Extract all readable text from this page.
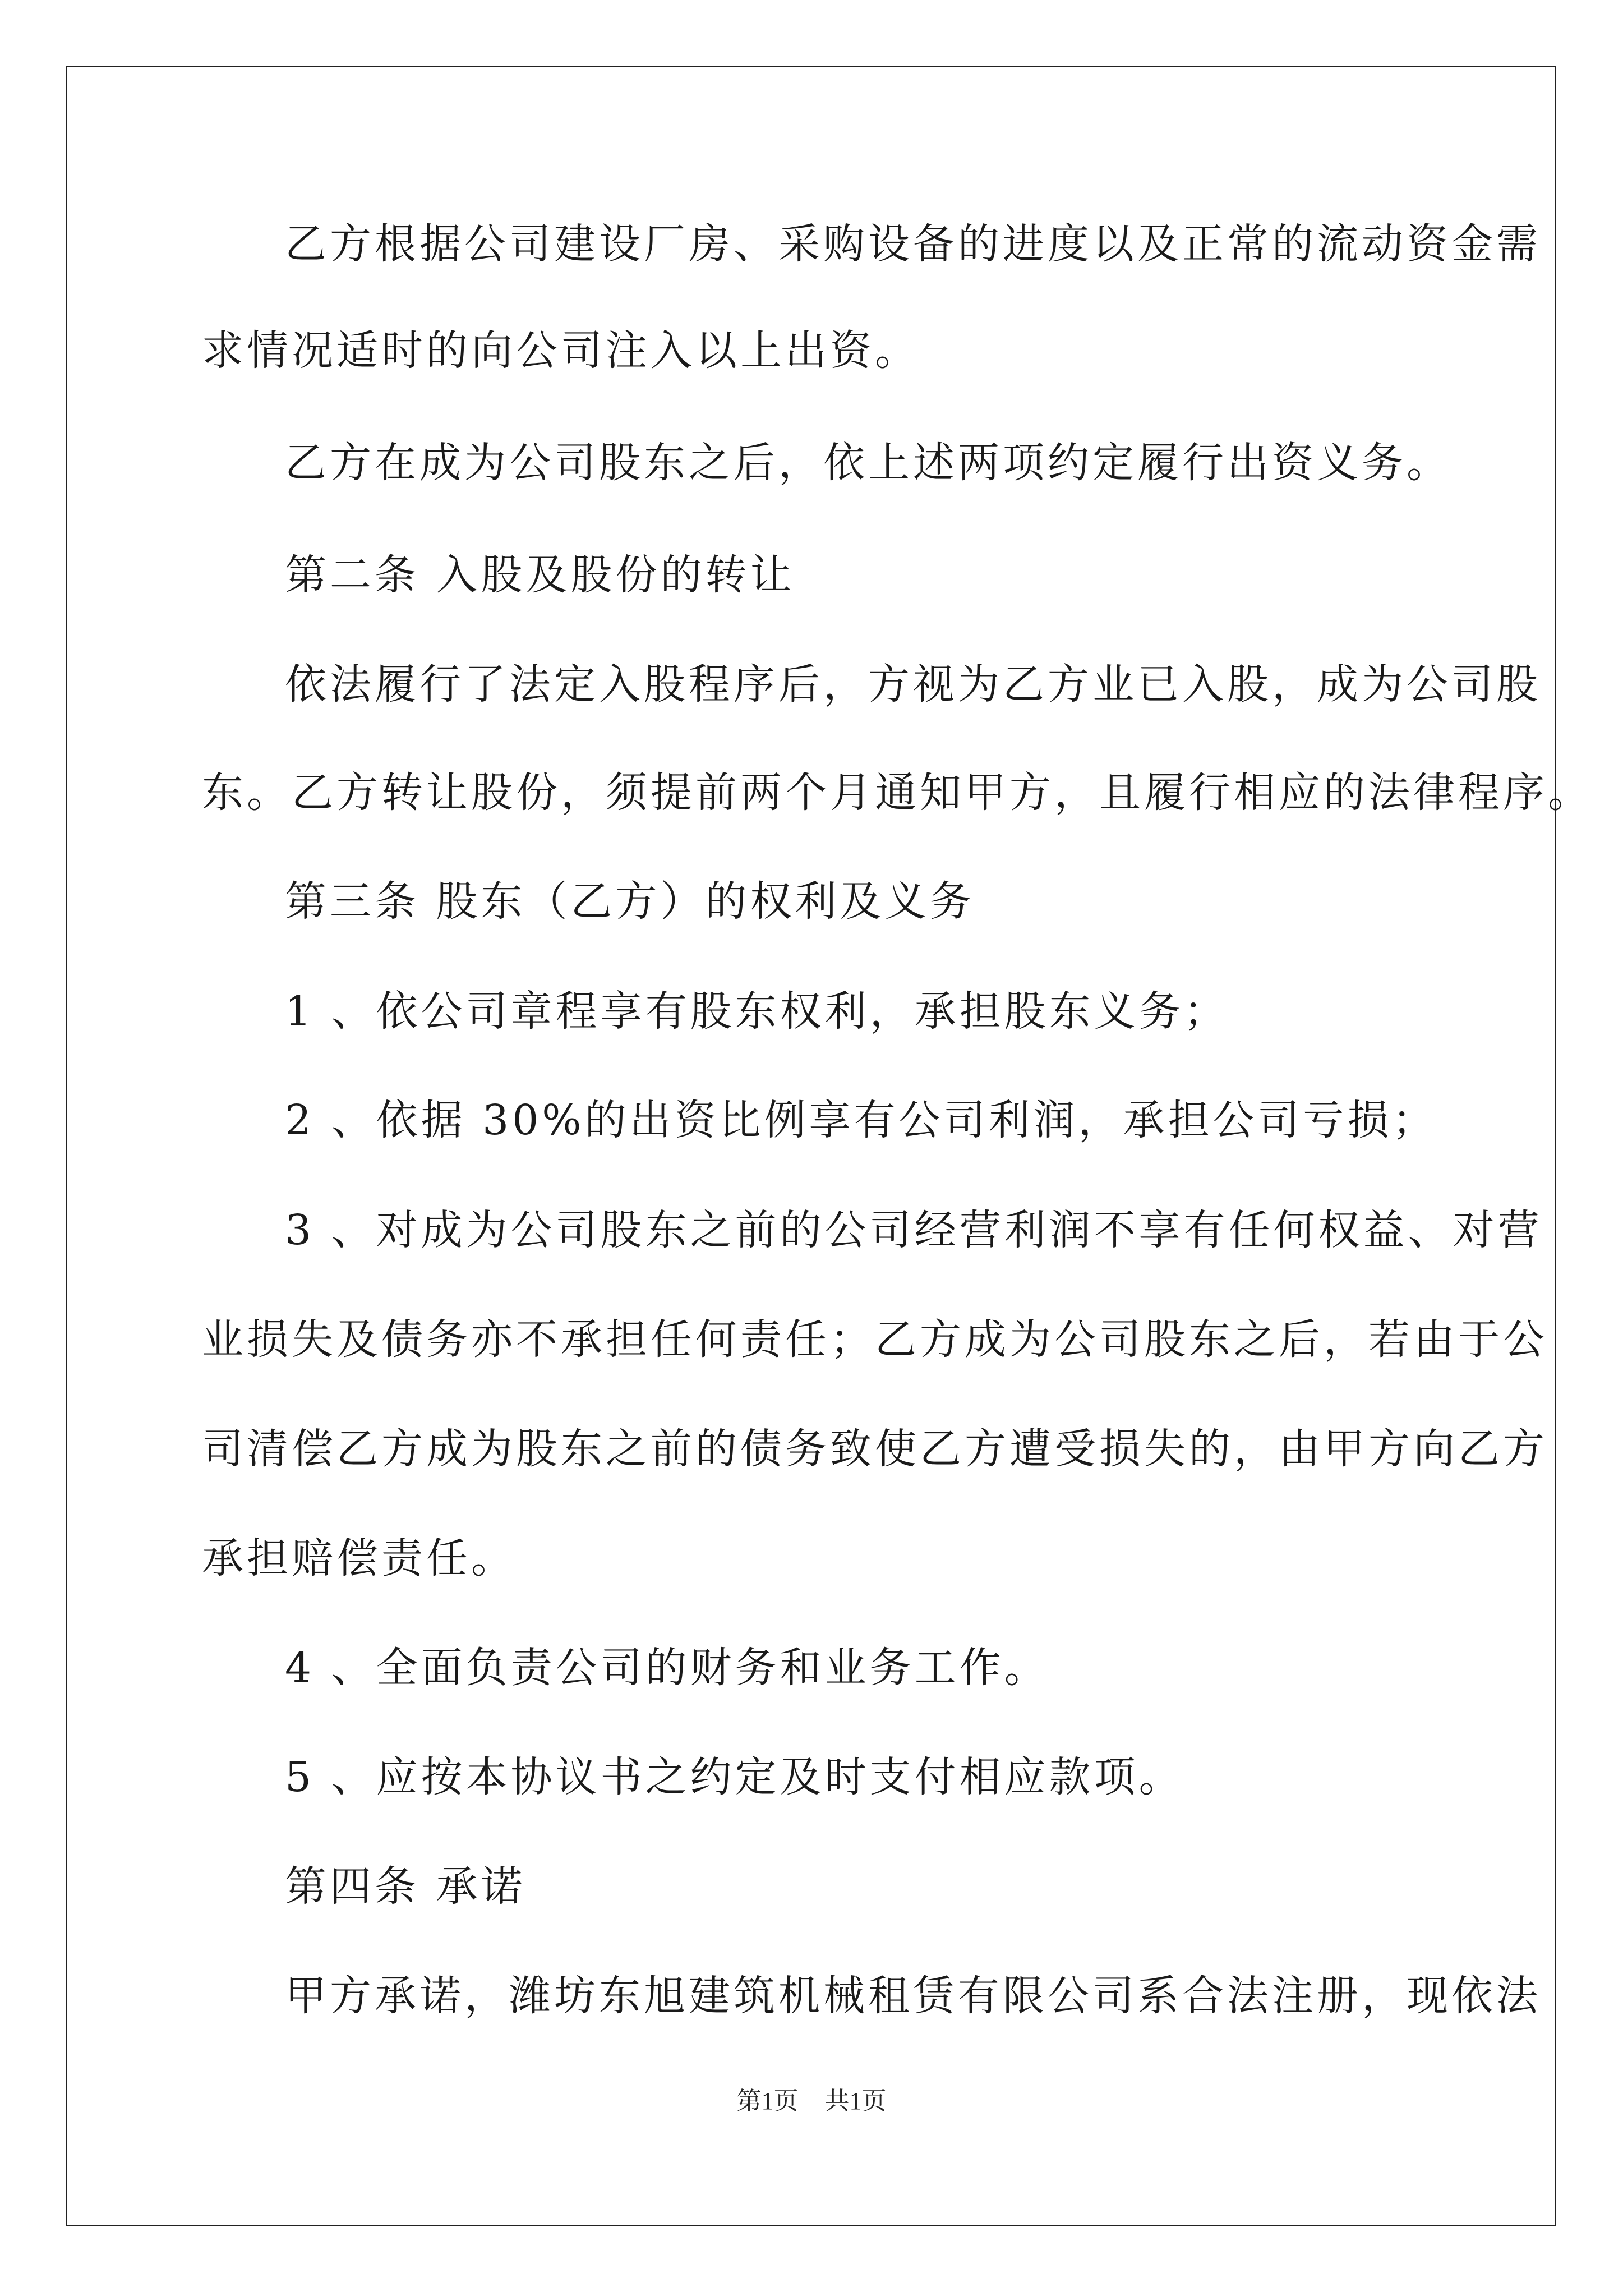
乙方根据公司建设厂房、采购设备的进度以及正常的流动资金需
求情况适时的向公司注入以上出资。
乙方在成为公司股东之后，依上述两项约定履行出资义务。
第二条 入股及股份的转让
依法履行了法定入股程序后，方视为乙方业已入股，成为公司股
东。乙方转让股份，须提前两个月通知甲方，且履行相应的法律程序。
第三条 股东（乙方）的权利及义务
1 、依公司章程享有股东权利，承担股东义务；
2 、依据 30%的出资比例享有公司利润，承担公司亏损；
3 、对成为公司股东之前的公司经营利润不享有任何权益、对营
业损失及债务亦不承担任何责任；乙方成为公司股东之后，若由于公
司清偿乙方成为股东之前的债务致使乙方遭受损失的，由甲方向乙方
承担赔偿责任。
4 、全面负责公司的财务和业务工作。
5 、应按本协议书之约定及时支付相应款项。
第四条 承诺
甲方承诺，潍坊东旭建筑机械租赁有限公司系合法注册，现依法
第1页 共1页
